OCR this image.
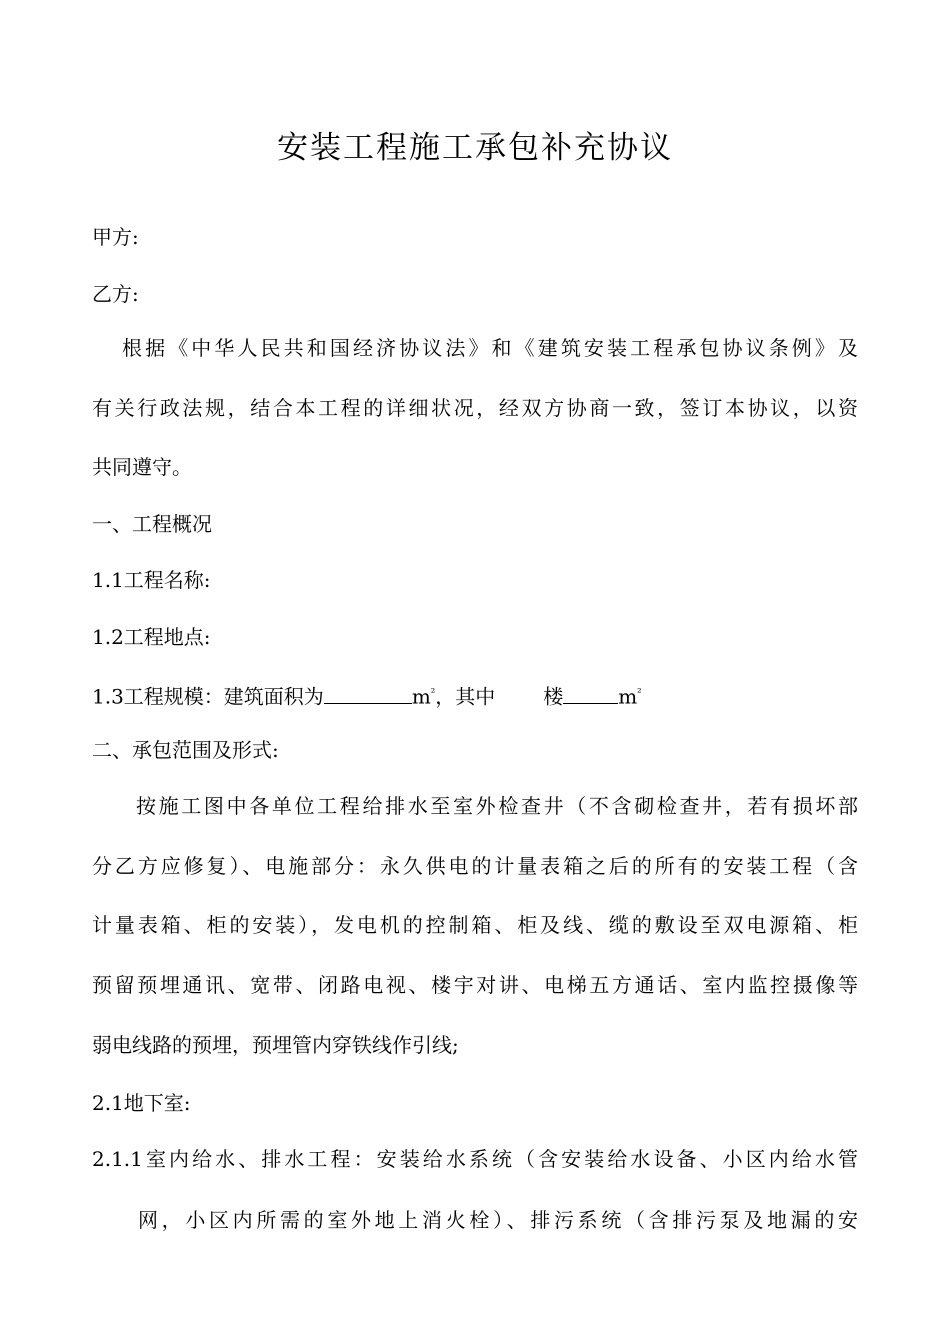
安装工程施工承包补充协议
甲方:
乙方:
根据《中华人民共和国经济协议法》和《建筑安装工程承包协议条例》及
有关行政法规，结合本工程的详细状况，经双方协商一致，签订本协议，以资
共同遵守。
一、工程概况
1.1工程名称:
1.2工程地点:
1.3工程规模：建筑面积为	$m^{^2}$，其中 楼	$m^{^2}$
二、承包范围及形式:
按施工图中各单位工程给排水至室外检查井（不含砌检查井，若有损坏部
分乙方应修复）、电施部分：永久供电的计量表箱之后的所有的安装工程（含
计量表箱、柜的安装），发电机的控制箱、柜及线、缆的敷设至双电源箱、柜
预留预埋通讯、宽带、闭路电视、楼宇对讲、电梯五方通话、室内监控摄像等
弱电线路的预埋，预埋管内穿铁线作引线;
2.1地下室:
2.1.1室内给水、排水工程：安装给水系统（含安装给水设备、小区内给水管
网，小区内所需的室外地上消火栓）、排污系统（含排污泵及地漏的安
